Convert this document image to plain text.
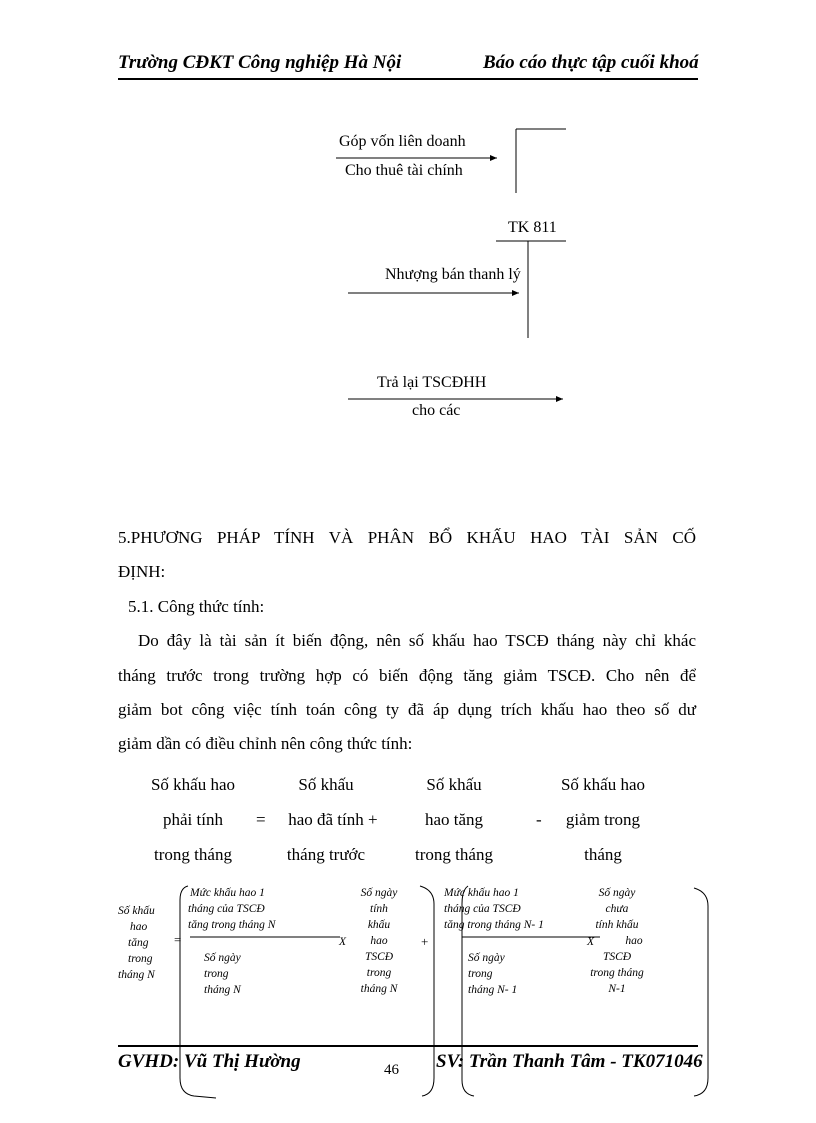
Trường CĐKT Công nghiệp Hà Nội	Báo cáo thực tập cuối khoá
Góp vốn liên doanh
Cho thuê tài chính
TK 811
Nhượng bán thanh lý
Trả lại TSCĐHH
cho các
5.PHƯƠNG PHÁP TÍNH VÀ PHÂN BỔ KHẤU HAO TÀI SẢN CỐ
ĐỊNH:
5.1. Công thức tính:
Do đây là tài sản ít biến động, nên số khấu hao TSCĐ tháng này chỉ khác
tháng trước trong trường hợp có biến động tăng giảm TSCĐ. Cho nên để
giảm bot công việc tính toán công ty đã áp dụng trích khấu hao theo số dư
giảm dần có điều chỉnh nên công thức tính:
Số khấu hao
phải tính
trong tháng
=
Số khấu
hao đã tính
tháng trước
+
Số khấu
hao tăng
trong tháng
-
Số khấu hao
giảm trong
tháng
Số khấu
hao
tăng
trong
tháng N
=
Mức khấu hao 1
tháng của TSCĐ
tăng trong tháng N
Số ngày
trong
tháng N
X
Số ngày
tính
khấu
hao
TSCĐ
trong
tháng N
+
Mức khấu hao 1
tháng của TSCĐ
tăng trong tháng N- 1
Số ngày
trong
tháng N- 1
X
Số ngày
chưa
tính khấu
hao
TSCĐ
trong tháng
N-1
GVHD: Vũ Thị Hường	46 SV: Trần Thanh Tâm - TK071046
